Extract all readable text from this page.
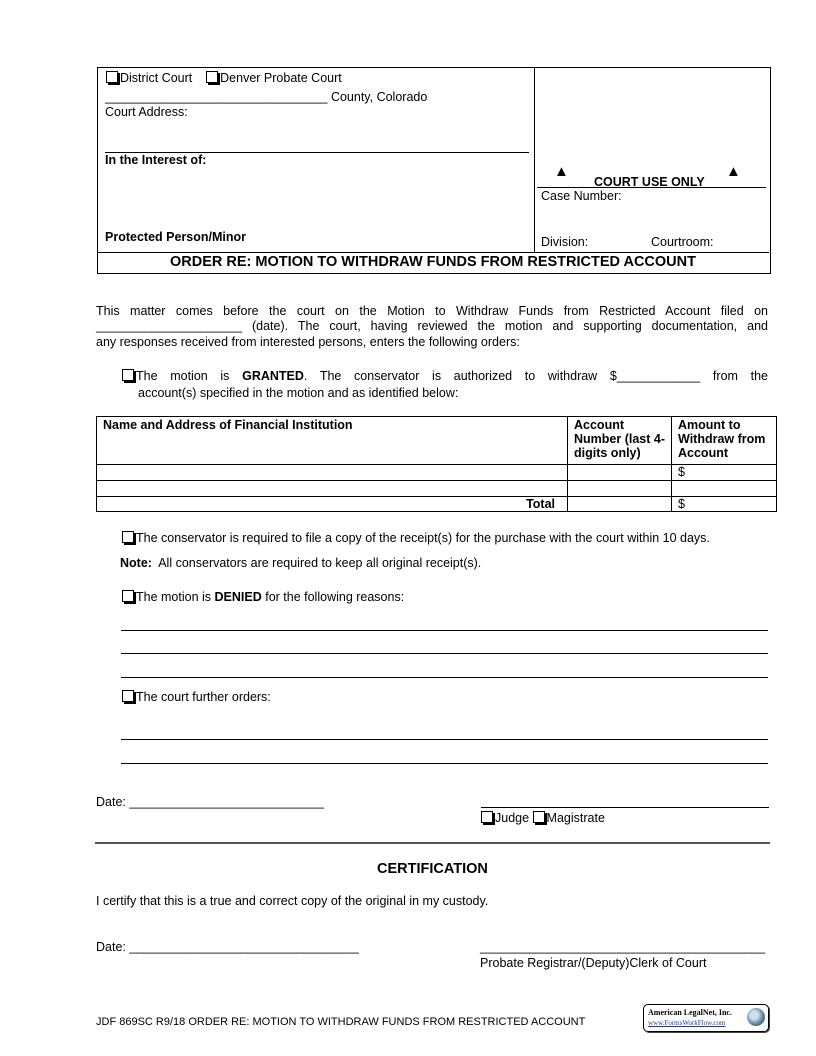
District Court Denver Probate Court
________________________________ County, Colorado
Court Address:
In the Interest of:
Protected Person/Minor
▲
COURT USE ONLY
▲
Case Number:
Division:	Courtroom:
ORDER RE: MOTION TO WITHDRAW FUNDS FROM RESTRICTED ACCOUNT
This matter comes before the court on the Motion to Withdraw Funds from Restricted Account filed on
_____________________ (date). The court, having reviewed the motion and supporting documentation, and
any responses received from interested persons, enters the following orders:
The motion is GRANTED. The conservator is authorized to withdraw $____________ from the
account(s) specified in the motion and as identified below:
Name and Address of Financial Institution	Account Number (last 4-digits only)	Amount to Withdraw from Account
		$

Total		$
The conservator is required to file a copy of the receipt(s) for the purchase with the court within 10 days.
Note: All conservators are required to keep all original receipt(s).
The motion is DENIED for the following reasons:
The court further orders:
Date: ____________________________
Judge Magistrate
CERTIFICATION
I certify that this is a true and correct copy of the original in my custody.
Date: _________________________________	_________________________________________
Probate Registrar/(Deputy)Clerk of Court
JDF 869SC R9/18 ORDER RE: MOTION TO WITHDRAW FUNDS FROM RESTRICTED ACCOUNT
American LegalNet, Inc.
www.FormsWorkFlow.com
